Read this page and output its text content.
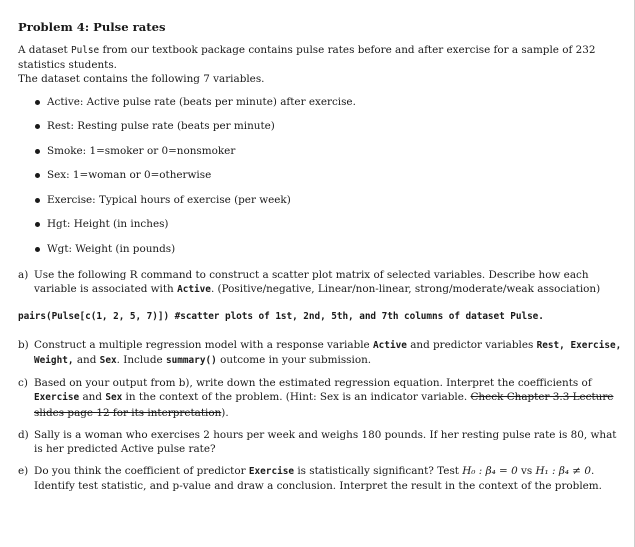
Problem 4: Pulse rates

A dataset Pulse from our textbook package contains pulse rates before and after exercise for a sample of 232 statistics students.

The dataset contains the following 7 variables.

Active: Active pulse rate (beats per minute) after exercise.
Rest: Resting pulse rate (beats per minute)
Smoke: 1=smoker or 0=nonsmoker
Sex: 1=woman or 0=otherwise
Exercise: Typical hours of exercise (per week)
Hgt: Height (in inches)
Wgt: Weight (in pounds)
a) Use the following R command to construct a scatter plot matrix of selected variables. Describe how each variable is associated with Active. (Positive/negative, Linear/non-linear, strong/moderate/weak association)
pairs(Pulse[c(1, 2, 5, 7)]) #scatter plots of 1st, 2nd, 5th, and 7th columns of dataset Pulse.
b) Construct a multiple regression model with a response variable Active and predictor variables Rest, Exercise, Weight, and Sex. Include summary() outcome in your submission.
c) Based on your output from b), write down the estimated regression equation. Interpret the coefficients of Exercise and Sex in the context of the problem. (Hint: Sex is an indicator variable. Check Chapter 3.3 Lecture slides page 12 for its interpretation).
d) Sally is a woman who exercises 2 hours per week and weighs 180 pounds. If her resting pulse rate is 80, what is her predicted Active pulse rate?
e) Do you think the coefficient of predictor Exercise is statistically significant? Test H₀ : β₄ = 0 vs H₁ : β₄ ≠ 0. Identify test statistic, and p-value and draw a conclusion. Interpret the result in the context of the problem.
